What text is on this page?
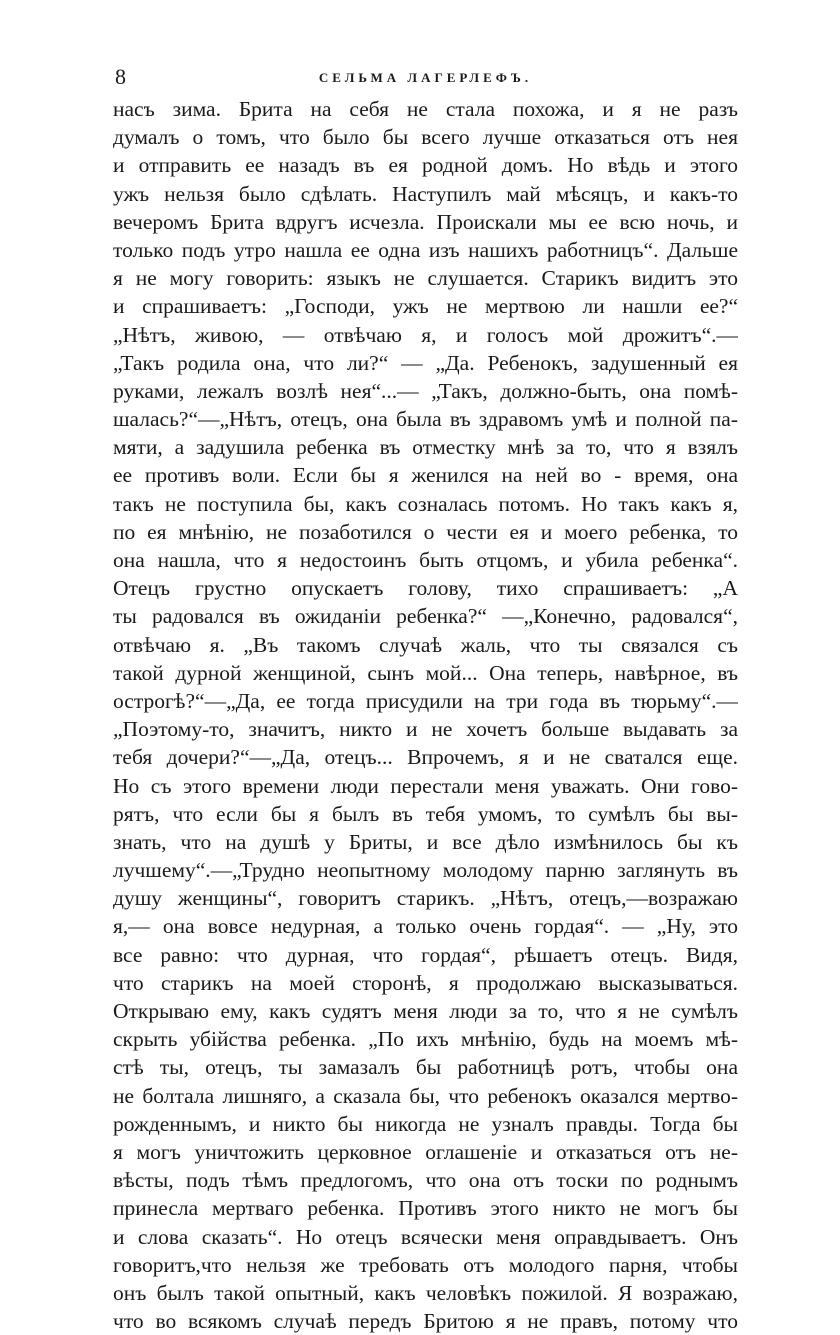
8	СЕЛЬМА ЛАГЕРЛЕФЪ.
насъ зима. Брита на себя не стала похожа, и я не разъ
думалъ о томъ, что было бы всего лучше отказаться отъ нея
и отправить ее назадъ въ ея родной домъ. Но вѣдь и этого
ужъ нельзя было сдѣлать. Наступилъ май мѣсяцъ, и какъ-то
вечеромъ Брита вдругъ исчезла. Проискали мы ее всю ночь, и
только подъ утро нашла ее одна изъ нашихъ работницъ“. Дальше
я не могу говорить: языкъ не слушается. Старикъ видитъ это
и спрашиваетъ: „Господи, ужъ не мертвою ли нашли ее?“
„Нѣтъ, живою, — отвѣчаю я, и голосъ мой дрожитъ“.—
„Такъ родила она, что ли?“ — „Да. Ребенокъ, задушенный ея
руками, лежалъ возлѣ нея“...— „Такъ, должно-быть, она помѣ-
шалась?“—„Нѣтъ, отецъ, она была въ здравомъ умѣ и полной па-
мяти, а задушила ребенка въ отместку мнѣ за то, что я взялъ
ее противъ воли. Если бы я женился на ней во - время, она
такъ не поступила бы, какъ созналась потомъ. Но такъ какъ я,
по ея мнѣнію, не позаботился о чести ея и моего ребенка, то
она нашла, что я недостоинъ быть отцомъ, и убила ребенка“.
Отецъ грустно опускаетъ голову, тихо спрашиваетъ: „А
ты радовался въ ожиданіи ребенка?“ —„Конечно, радовался“,
отвѣчаю я. „Въ такомъ случаѣ жаль, что ты связался съ
такой дурной женщиной, сынъ мой... Она теперь, навѣрное, въ
острогѣ?“—„Да, ее тогда присудили на три года въ тюрьму“.—
„Поэтому-то, значитъ, никто и не хочетъ больше выдавать за
тебя дочери?“—„Да, отецъ... Впрочемъ, я и не сватался еще.
Но съ этого времени люди перестали меня уважать. Они гово-
рятъ, что если бы я былъ въ тебя умомъ, то сумѣлъ бы вы-
знать, что на душѣ у Бриты, и все дѣло измѣнилось бы къ
лучшему“.—„Трудно неопытному молодому парню заглянуть въ
душу женщины“, говоритъ старикъ. „Нѣтъ, отецъ,—возражаю
я,— она вовсе недурная, а только очень гордая“. — „Ну, это
все равно: что дурная, что гордая“, рѣшаетъ отецъ. Видя,
что старикъ на моей сторонѣ, я продолжаю высказываться.
Открываю ему, какъ судятъ меня люди за то, что я не сумѣлъ
скрыть убійства ребенка. „По ихъ мнѣнію, будь на моемъ мѣ-
стѣ ты, отецъ, ты замазалъ бы работницѣ ротъ, чтобы она
не болтала лишняго, а сказала бы, что ребенокъ оказался мертво-
рожденнымъ, и никто бы никогда не узналъ правды. Тогда бы
я могъ уничтожить церковное оглашеніе и отказаться отъ не-
вѣсты, подъ тѣмъ предлогомъ, что она отъ тоски по роднымъ
принесла мертваго ребенка. Противъ этого никто не могъ бы
и слова сказать“. Но отецъ всячески меня оправдываетъ. Онъ
говоритъ,что нельзя же требовать отъ молодого парня, чтобы
онъ былъ такой опытный, какъ человѣкъ пожилой. Я возражаю,
что во всякомъ случаѣ передъ Бритою я не правъ, потому что
